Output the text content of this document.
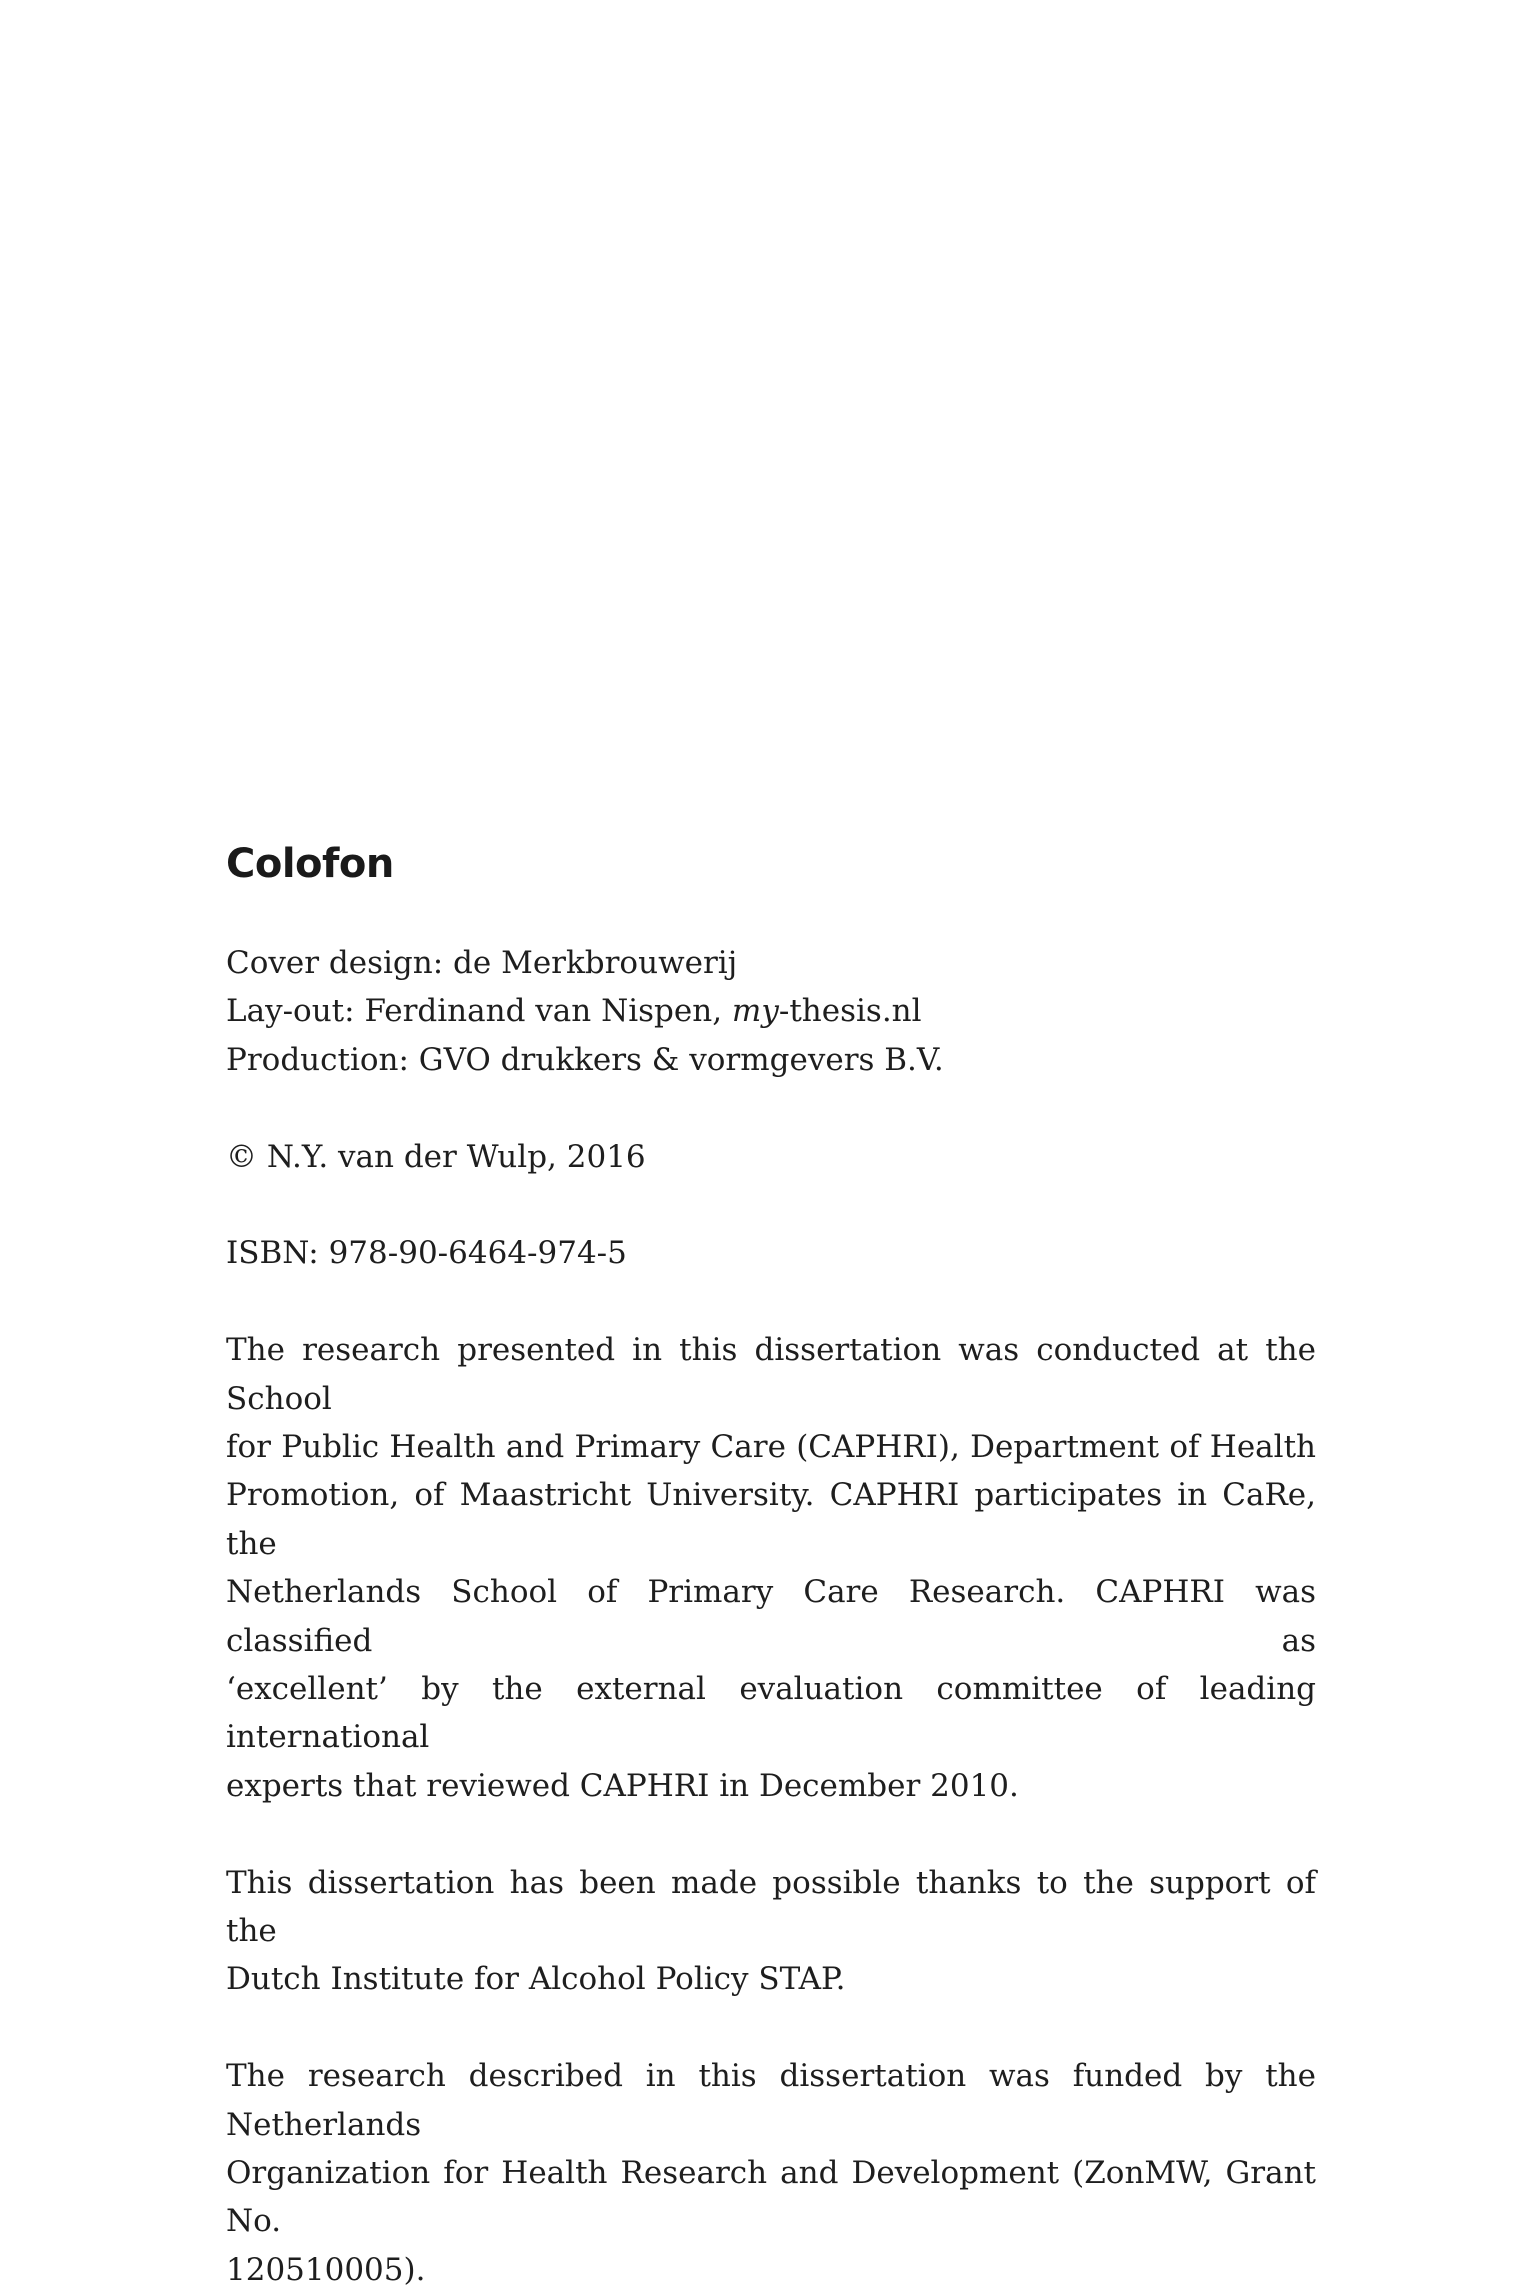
Colofon

Cover design: de Merkbrouwerij
Lay-out: Ferdinand van Nispen, my-thesis.nl
Production: GVO drukkers & vormgevers B.V.

© N.Y. van der Wulp, 2016

ISBN: 978-90-6464-974-5

The research presented in this dissertation was conducted at the School
for Public Health and Primary Care (CAPHRI), Department of Health
Promotion, of Maastricht University. CAPHRI participates in CaRe, the
Netherlands School of Primary Care Research. CAPHRI was classified as
‘excellent’ by the external evaluation committee of leading international
experts that reviewed CAPHRI in December 2010.

This dissertation has been made possible thanks to the support of the
Dutch Institute for Alcohol Policy STAP.

The research described in this dissertation was funded by the Netherlands
Organization for Health Research and Development (ZonMW, Grant No.
120510005).
